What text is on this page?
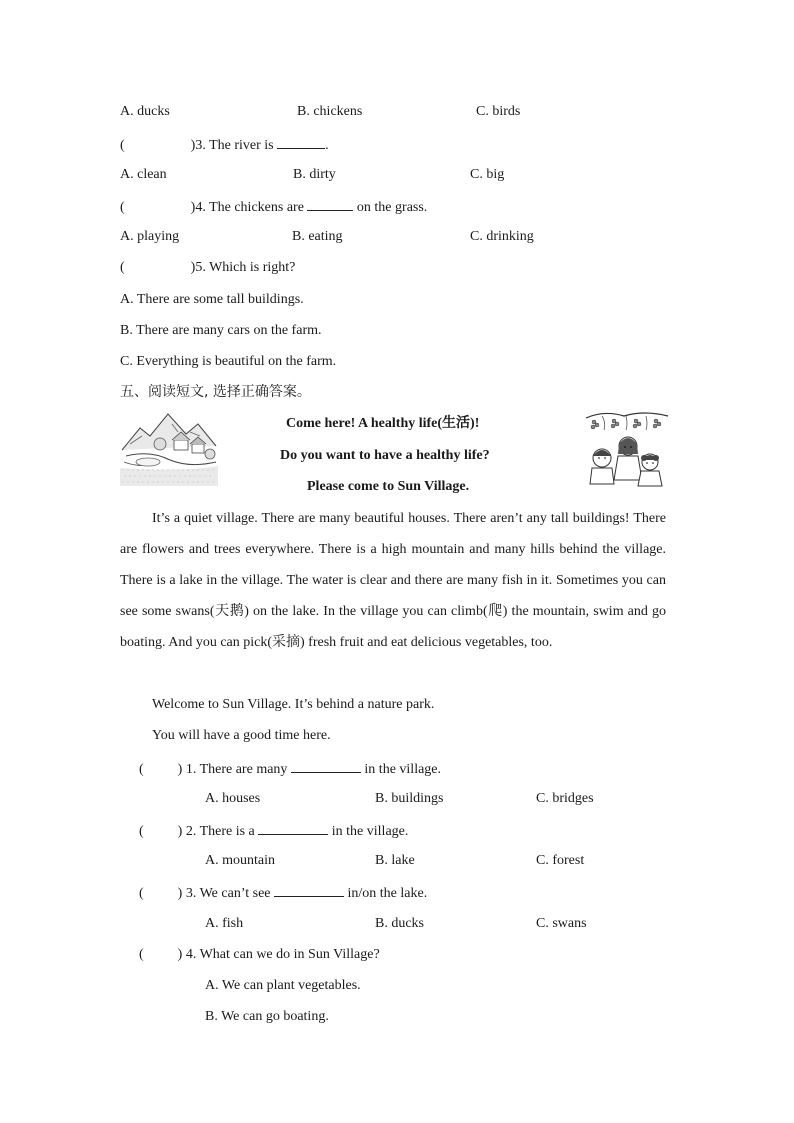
A. ducks	B. chickens	C. birds
(	)3. The river is	.
A. clean	B. dirty	C. big
(	)4. The chickens are	on the grass.
A. playing	B. eating	C. drinking
(	)5. Which is right?
A. There are some tall buildings.
B. There are many cars on the farm.
C. Everything is beautiful on the farm.
五、阅读短文, 选择正确答案。
Come here! A healthy life(生活)!
Do you want to have a healthy life?
Please come to Sun Village.
It’s a quiet village. There are many beautiful houses. There aren’t any tall buildings! There are flowers and trees everywhere. There is a high mountain and many hills behind the village. There is a lake in the village. The water is clear and there are many fish in it. Sometimes you can see some swans(天鹅) on the lake. In the village you can climb(爬) the mountain, swim and go boating. And you can pick(采摘) fresh fruit and eat delicious vegetables, too.
Welcome to Sun Village. It’s behind a nature park.
You will have a good time here.
( ) 1. There are many	in the village.
A. houses	B. buildings	C. bridges
( ) 2. There is a	in the village.
A. mountain	B. lake	C. forest
( ) 3. We can’t see	in/on the lake.
A. fish	B. ducks	C. swans
( ) 4. What can we do in Sun Village?
A. We can plant vegetables.
B. We can go boating.
